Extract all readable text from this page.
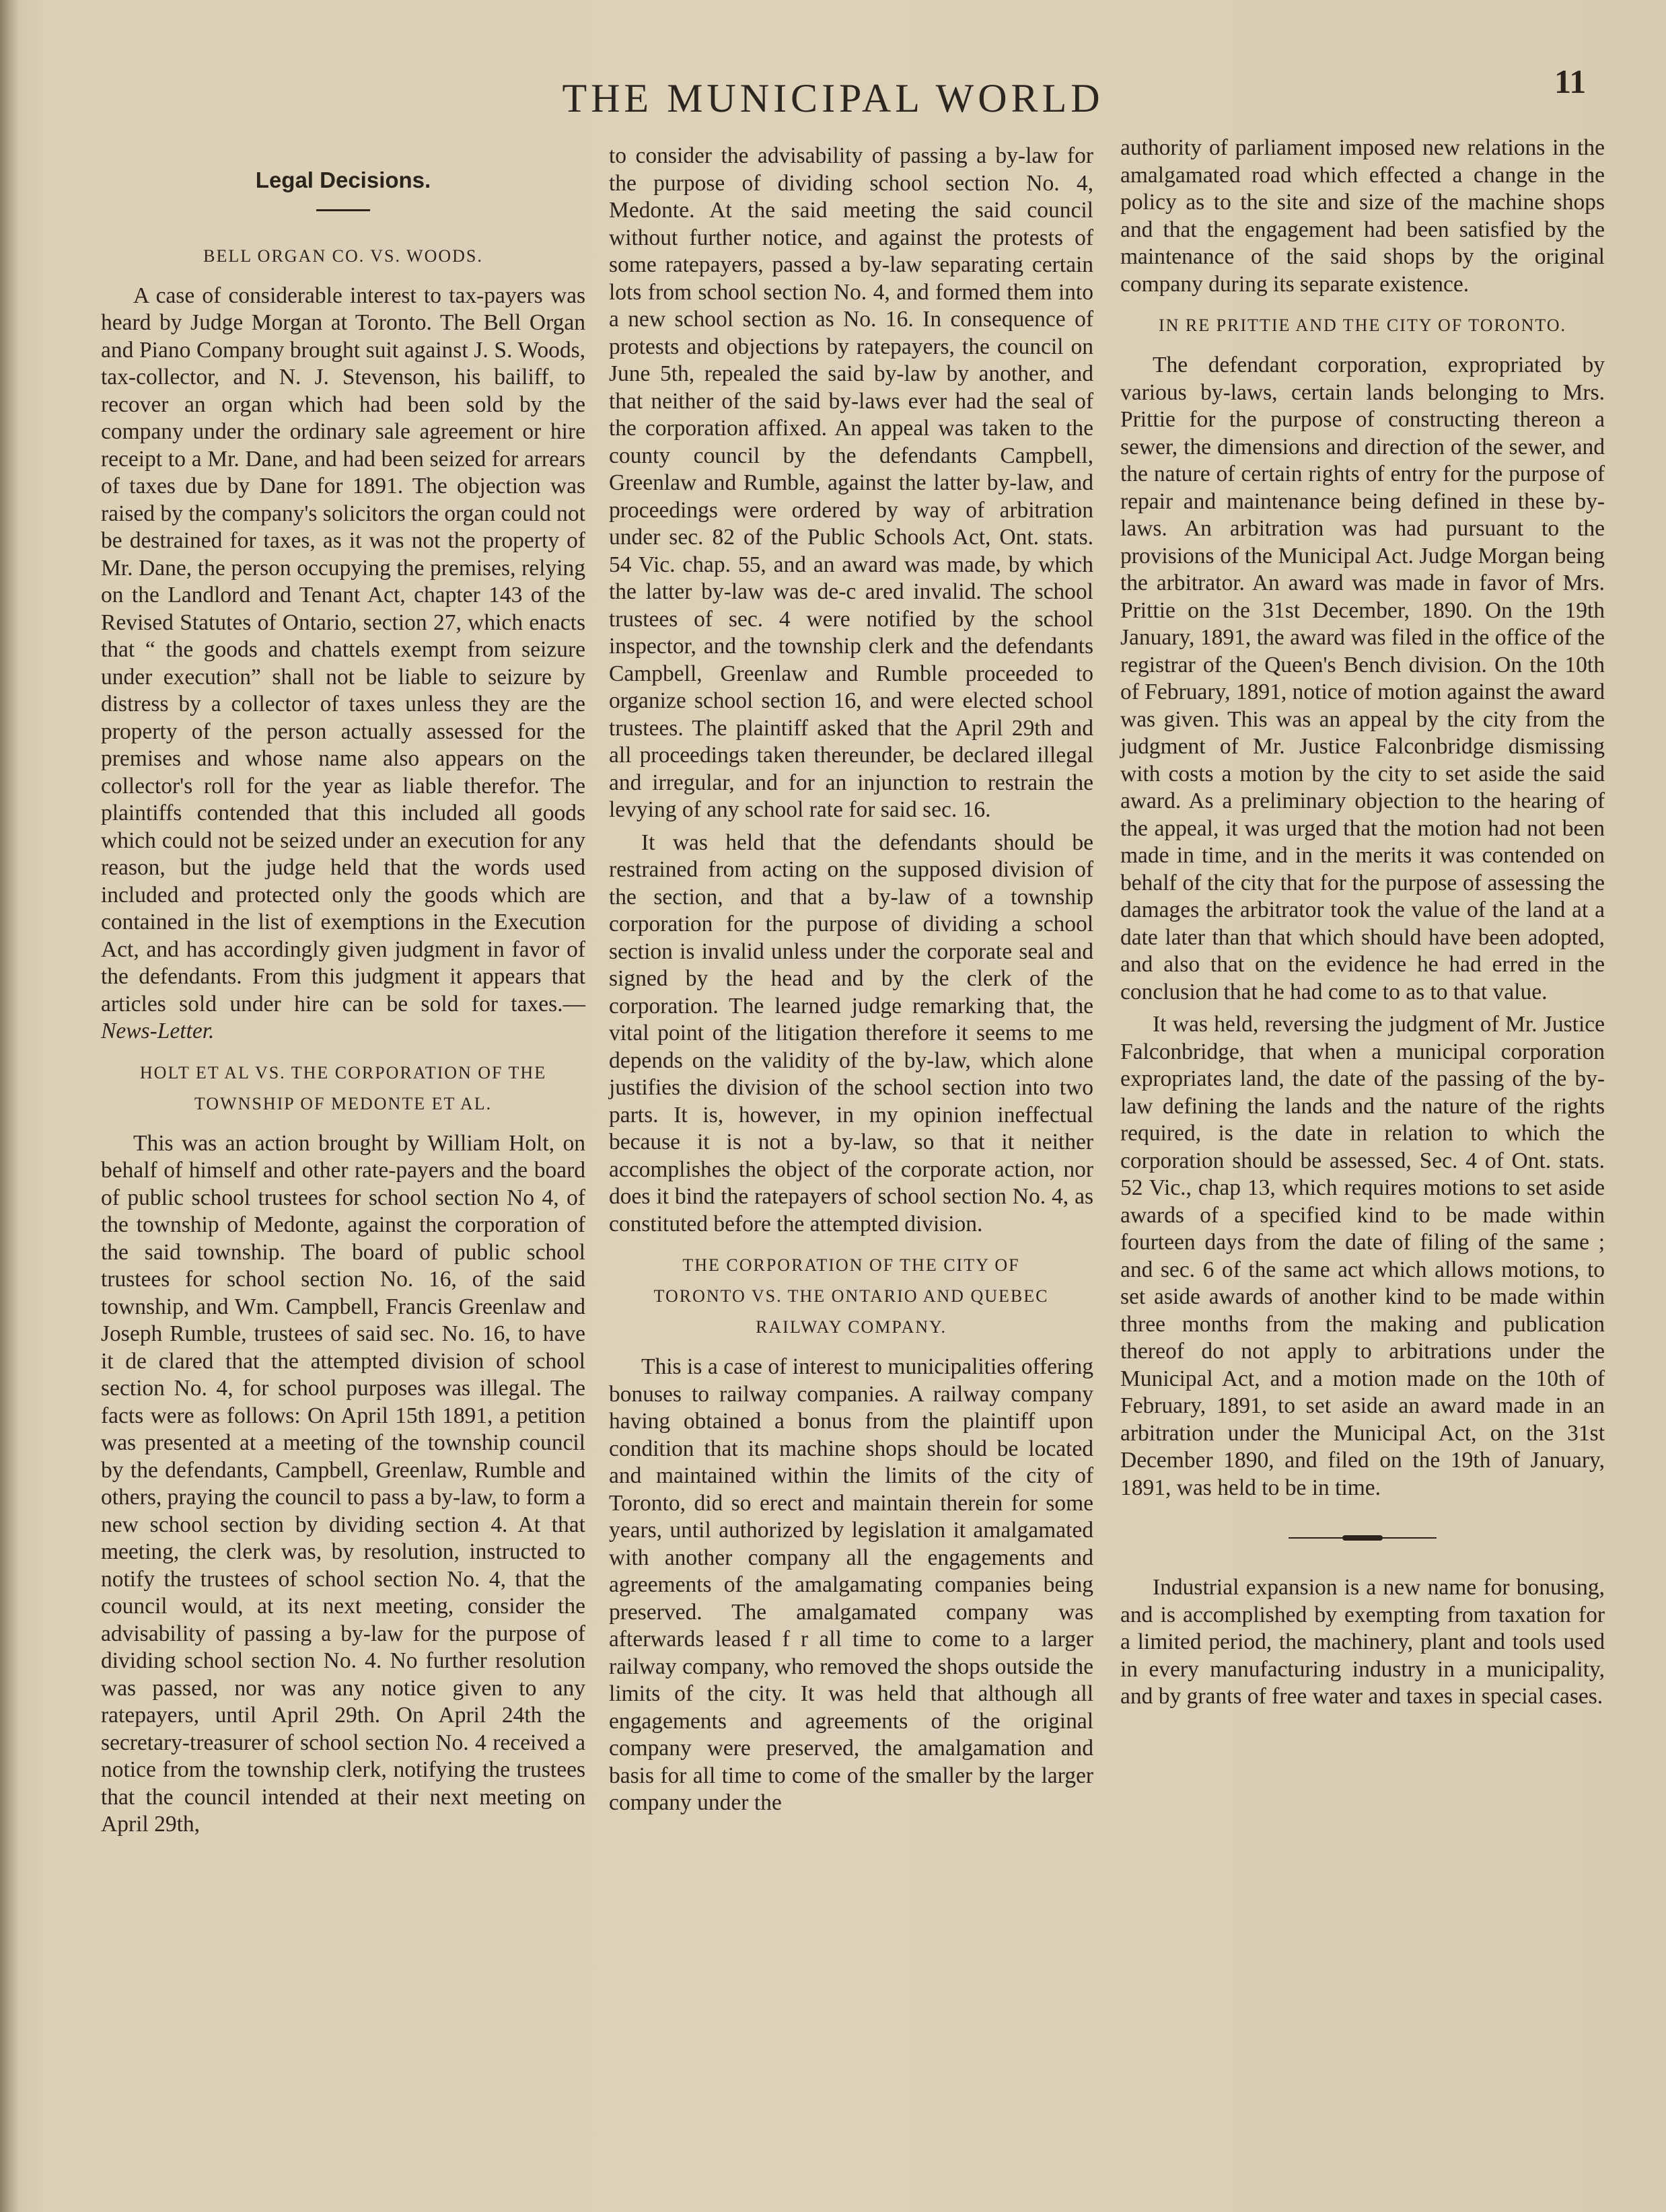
THE MUNICIPAL WORLD	11
Legal Decisions.
BELL ORGAN CO. VS. WOODS.

A case of considerable interest to tax-payers was heard by Judge Morgan at Toronto. The Bell Organ and Piano Company brought suit against J. S. Woods, tax-collector, and N. J. Stevenson, his bailiff, to recover an organ which had been sold by the company under the ordinary sale agreement or hire receipt to a Mr. Dane, and had been seized for arrears of taxes due by Dane for 1891. The objection was raised by the company's solicitors the organ could not be destrained for taxes, as it was not the property of Mr. Dane, the person occupying the premises, relying on the Landlord and Tenant Act, chapter 143 of the Revised Statutes of Ontario, section 27, which enacts that “ the goods and chattels exempt from seizure under execution” shall not be liable to seizure by distress by a collector of taxes unless they are the property of the person actually assessed for the premises and whose name also appears on the collector's roll for the year as liable therefor. The plaintiffs contended that this included all goods which could not be seized under an execution for any reason, but the judge held that the words used included and protected only the goods which are contained in the list of exemptions in the Execution Act, and has accordingly given judgment in favor of the defendants. From this judgment it appears that articles sold under hire can be sold for taxes.— News-Letter.

HOLT ET AL VS. THE CORPORATION OF THE
TOWNSHIP OF MEDONTE ET AL.

This was an action brought by William Holt, on behalf of himself and other rate-payers and the board of public school trustees for school section No 4, of the township of Medonte, against the corporation of the said township. The board of public school trustees for school section No. 16, of the said township, and Wm. Campbell, Francis Greenlaw and Joseph Rumble, trustees of said sec. No. 16, to have it de clared that the attempted division of school section No. 4, for school purposes was illegal. The facts were as follows: On April 15th 1891, a petition was presented at a meeting of the township council by the defendants, Campbell, Greenlaw, Rumble and others, praying the council to pass a by-law, to form a new school section by dividing section 4. At that meeting, the clerk was, by resolution, instructed to notify the trustees of school section No. 4, that the council would, at its next meeting, consider the advisability of passing a by-law for the purpose of dividing school section No. 4. No further resolution was passed, nor was any notice given to any ratepayers, until April 29th. On April 24th the secretary-treasurer of school section No. 4 received a notice from the township clerk, notifying the trustees that the council intended at their next meeting on April 29th,

to consider the advisability of passing a by-law for the purpose of dividing school section No. 4, Medonte. At the said meeting the said council without further notice, and against the protests of some ratepayers, passed a by-law separating certain lots from school section No. 4, and formed them into a new school section as No. 16. In consequence of protests and objections by ratepayers, the council on June 5th, repealed the said by-law by another, and that neither of the said by-laws ever had the seal of the corporation affixed. An appeal was taken to the county council by the defendants Campbell, Greenlaw and Rumble, against the latter by-law, and proceedings were ordered by way of arbitration under sec. 82 of the Public Schools Act, Ont. stats. 54 Vic. chap. 55, and an award was made, by which the latter by-law was de-c ared invalid. The school trustees of sec. 4 were notified by the school inspector, and the township clerk and the defendants Campbell, Greenlaw and Rumble proceeded to organize school section 16, and were elected school trustees. The plaintiff asked that the April 29th and all proceedings taken thereunder, be declared illegal and irregular, and for an injunction to restrain the levying of any school rate for said sec. 16.

It was held that the defendants should be restrained from acting on the supposed division of the section, and that a by-law of a township corporation for the purpose of dividing a school section is invalid unless under the corporate seal and signed by the head and by the clerk of the corporation. The learned judge remarking that, the vital point of the litigation therefore it seems to me depends on the validity of the by-law, which alone justifies the division of the school section into two parts. It is, however, in my opinion ineffectual because it is not a by-law, so that it neither accomplishes the object of the corporate action, nor does it bind the ratepayers of school section No. 4, as constituted before the attempted division.

THE CORPORATION OF THE CITY OF
TORONTO VS. THE ONTARIO AND QUEBEC
RAILWAY COMPANY.

This is a case of interest to municipalities offering bonuses to railway companies. A railway company having obtained a bonus from the plaintiff upon condition that its machine shops should be located and maintained within the limits of the city of Toronto, did so erect and maintain therein for some years, until authorized by legislation it amalgamated with another company all the engagements and agreements of the amalgamating companies being preserved. The amalgamated company was afterwards leased f r all time to come to a larger railway company, who removed the shops outside the limits of the city. It was held that although all engagements and agreements of the original company were preserved, the amalgamation and basis for all time to come of the smaller by the larger company under the

authority of parliament imposed new relations in the amalgamated road which effected a change in the policy as to the site and size of the machine shops and that the engagement had been satisfied by the maintenance of the said shops by the original company during its separate existence.

IN RE PRITTIE AND THE CITY OF TORONTO.

The defendant corporation, expropriated by various by-laws, certain lands belonging to Mrs. Prittie for the purpose of constructing thereon a sewer, the dimensions and direction of the sewer, and the nature of certain rights of entry for the purpose of repair and maintenance being defined in these by-laws. An arbitration was had pursuant to the provisions of the Municipal Act. Judge Morgan being the arbitrator. An award was made in favor of Mrs. Prittie on the 31st December, 1890. On the 19th January, 1891, the award was filed in the office of the registrar of the Queen's Bench division. On the 10th of February, 1891, notice of motion against the award was given. This was an appeal by the city from the judgment of Mr. Justice Falconbridge dismissing with costs a motion by the city to set aside the said award. As a preliminary objection to the hearing of the appeal, it was urged that the motion had not been made in time, and in the merits it was contended on behalf of the city that for the purpose of assessing the damages the arbitrator took the value of the land at a date later than that which should have been adopted, and also that on the evidence he had erred in the conclusion that he had come to as to that value.

It was held, reversing the judgment of Mr. Justice Falconbridge, that when a municipal corporation expropriates land, the date of the passing of the by-law defining the lands and the nature of the rights required, is the date in relation to which the corporation should be assessed, Sec. 4 of Ont. stats. 52 Vic., chap 13, which requires motions to set aside awards of a specified kind to be made within fourteen days from the date of filing of the same ; and sec. 6 of the same act which allows motions, to set aside awards of another kind to be made within three months from the making and publication thereof do not apply to arbitrations under the Municipal Act, and a motion made on the 10th of February, 1891, to set aside an award made in an arbitration under the Municipal Act, on the 31st December 1890, and filed on the 19th of January, 1891, was held to be in time.

Industrial expansion is a new name for bonusing, and is accomplished by exempting from taxation for a limited period, the machinery, plant and tools used in every manufacturing industry in a municipality, and by grants of free water and taxes in special cases.
